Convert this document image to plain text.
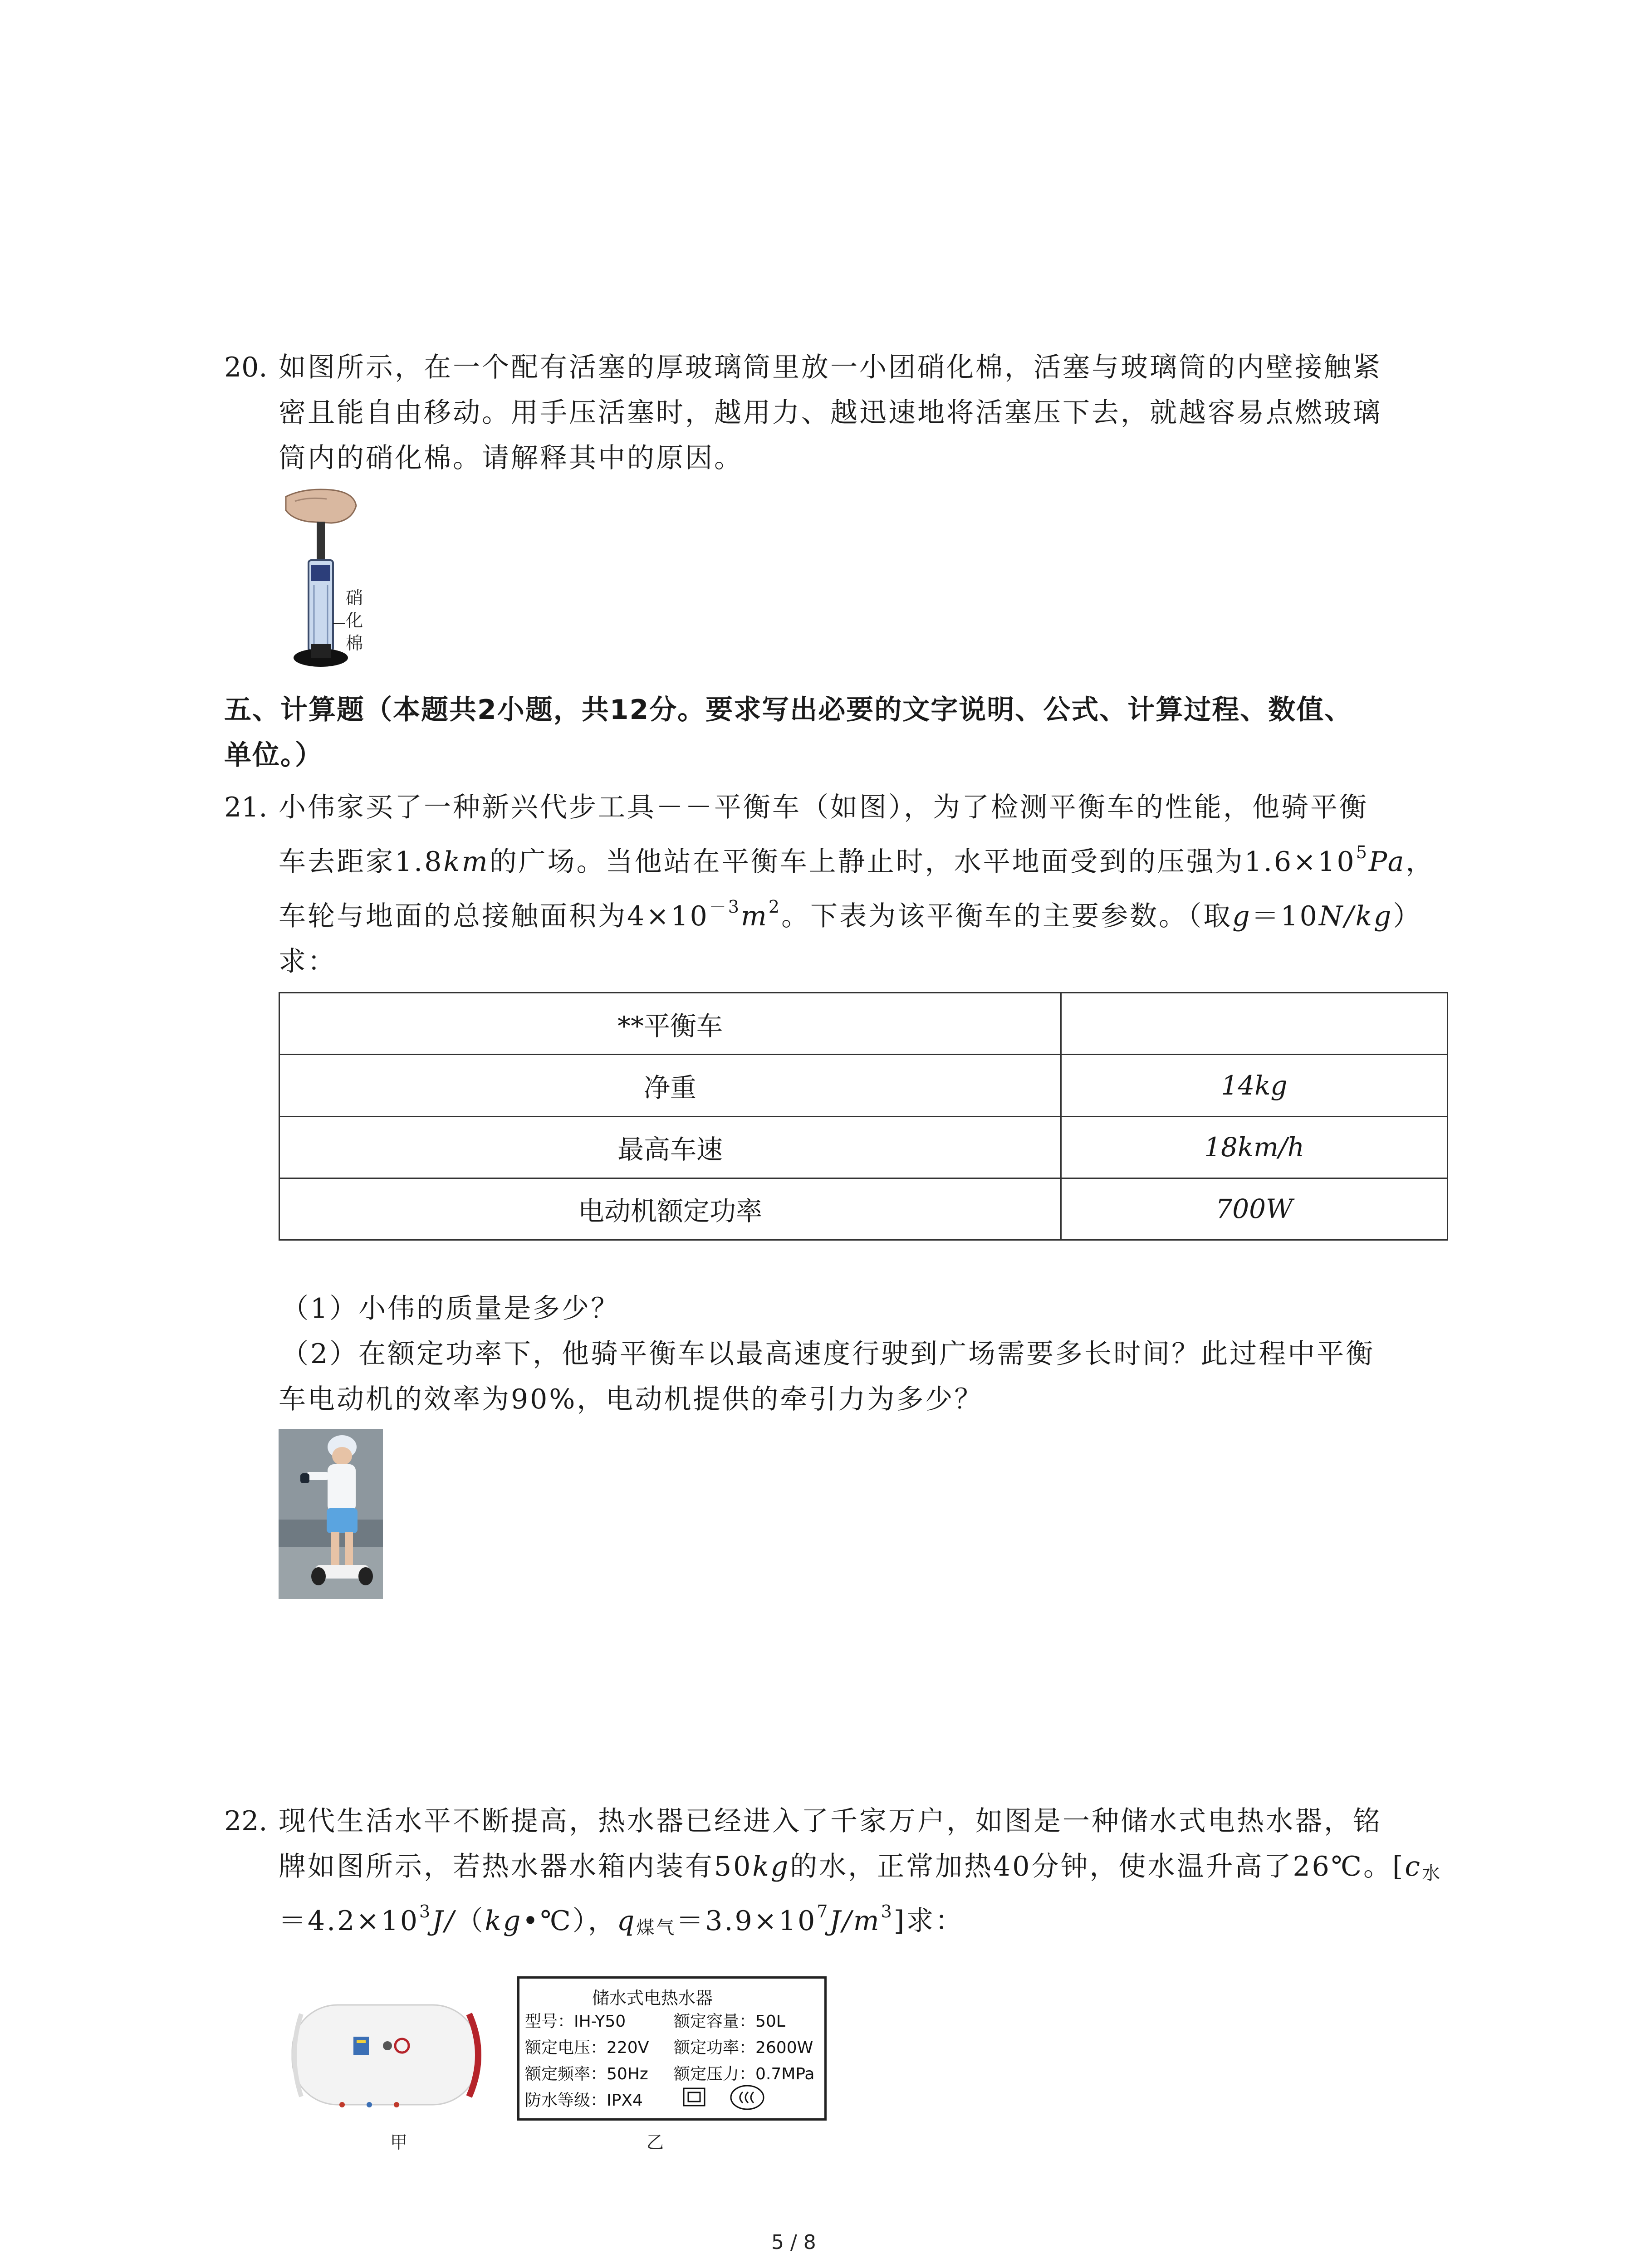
20. 如图所示，在一个配有活塞的厚玻璃筒里放一小团硝化棉，活塞与玻璃筒的内壁接触紧
密且能自由移动。用手压活塞时，越用力、越迅速地将活塞压下去，就越容易点燃玻璃
筒内的硝化棉。请解释其中的原因。
硝
化
棉
五、计算题（本题共2小题，共12分。要求写出必要的文字说明、公式、计算过程、数值、
单位。）
21. 小伟家买了一种新兴代步工具－－平衡车（如图），为了检测平衡车的性能，他骑平衡
车去距家1.8km的广场。当他站在平衡车上静止时，水平地面受到的压强为$1.6\times 10^5Pa$，
车轮与地面的总接触面积为$4\times 10^{-3}m^2$。下表为该平衡车的主要参数。（取g＝10N/kg）
求：
**平衡车	
净重	14kg
最高车速	18km/h
电动机额定功率	700W
（1）小伟的质量是多少？
（2）在额定功率下，他骑平衡车以最高速度行驶到广场需要多长时间？此过程中平衡
车电动机的效率为90%，电动机提供的牵引力为多少？
22. 现代生活水平不断提高，热水器已经进入了千家万户，如图是一种储水式电热水器，铭
牌如图所示，若热水器水箱内装有50kg的水，正常加热40分钟，使水温升高了26℃。[$c_水$
$=4.2\times 10^3J/(kg•℃)$，$q_{煤气}=3.9\times 10^7J/m^3$]求：
甲
储水式电热水器
型号：IH-Y50	额定容量：50L
额定电压：220V 额定功率：2600W
额定频率：50Hz 额定压力：0.7MPa
防水等级：IPX4
乙
5 / 8
